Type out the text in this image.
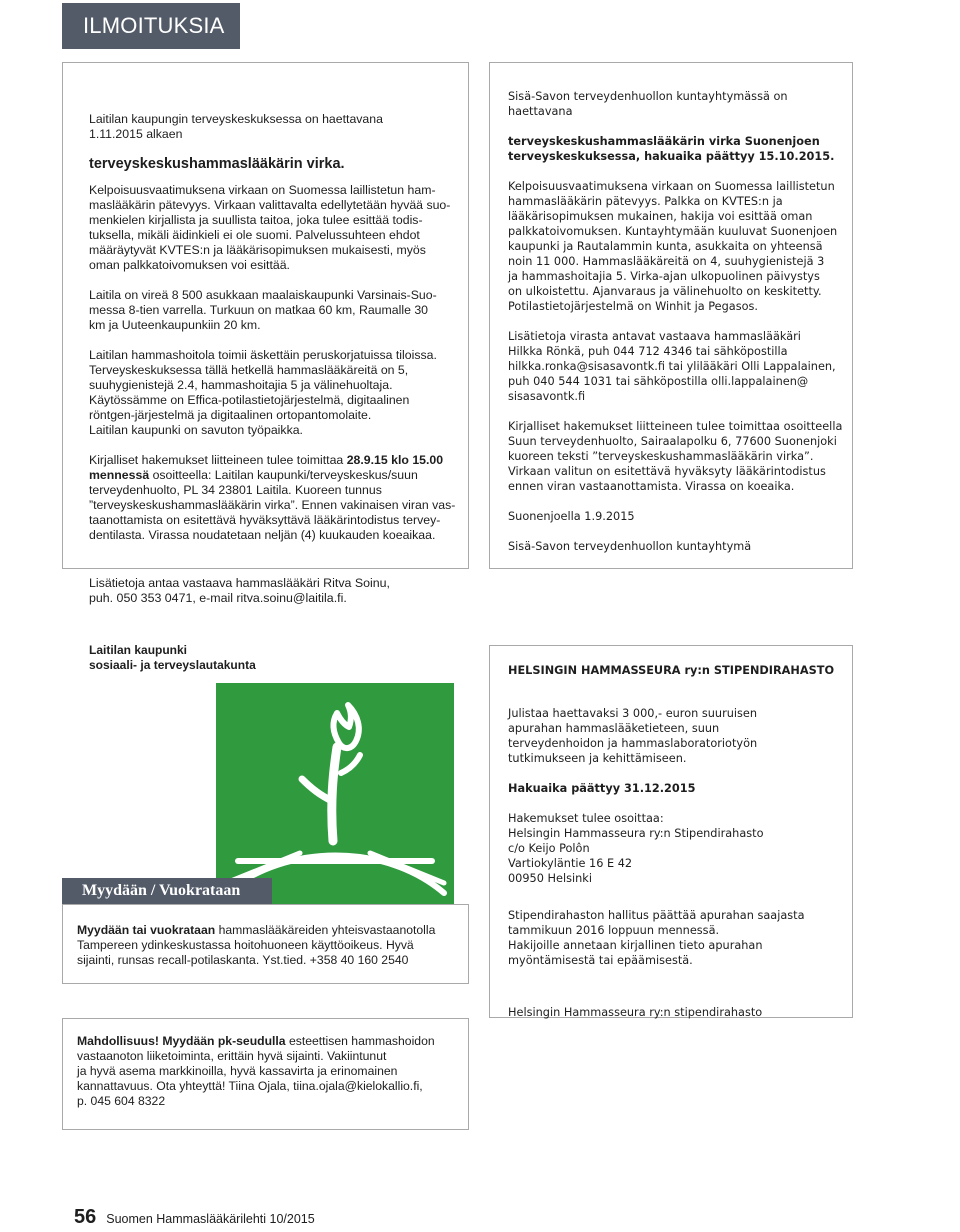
ILMOITUKSIA

Laitilan kaupungin terveyskeskuksessa on haettavana

1.11.2015 alkaen

terveyskeskushammaslääkärin virka.

Kelpoisuusvaatimuksena virkaan on Suomessa laillistetun ham-

maslääkärin pätevyys. Virkaan valittavalta edellytetään hyvää suo-

menkielen kirjallista ja suullista taitoa, joka tulee esittää todis-

tuksella, mikäli äidinkieli ei ole suomi. Palvelussuhteen ehdot

määräytyvät KVTES:n ja lääkärisopimuksen mukaisesti, myös

oman palkkatoivomuksen voi esittää.

Laitila on vireä 8 500 asukkaan maalaiskaupunki Varsinais-Suo-

messa 8-tien varrella. Turkuun on matkaa 60 km, Raumalle 30

km ja Uuteenkaupunkiin 20 km.

Laitilan hammashoitola toimii äskettäin peruskorjatuissa tiloissa.

Terveyskeskuksessa tällä hetkellä hammaslääkäreitä on 5,

suuhygienistejä 2.4, hammashoitajia 5 ja välinehuoltaja.

Käytössämme on Effica-potilastietojärjestelmä, digitaalinen

röntgen-järjestelmä ja digitaalinen ortopantomolaite.

Laitilan kaupunki on savuton työpaikka.

Kirjalliset hakemukset liitteineen tulee toimittaa 28.9.15 klo 15.00

mennessä osoitteella: Laitilan kaupunki/terveyskeskus/suun

terveydenhuolto, PL 34 23801 Laitila. Kuoreen tunnus

”terveyskeskushammaslääkärin virka”. Ennen vakinaisen viran vas-

taanottamista on esitettävä hyväksyttävä lääkärintodistus tervey-

dentilasta. Virassa noudatetaan neljän (4) kuukauden koeaikaa.

Lisätietoja antaa vastaava hammaslääkäri Ritva Soinu,

puh. 050 353 0471, e-mail ritva.soinu@laitila.fi.

Laitilan kaupunki

sosiaali- ja terveyslautakunta

Sisä-Savon terveydenhuollon kuntayhtymässä on haettavana

terveyskeskushammaslääkärin virka Suonenjoen

terveyskeskuksessa, hakuaika päättyy 15.10.2015.

Kelpoisuusvaatimuksena virkaan on Suomessa laillistetun

hammaslääkärin pätevyys. Palkka on KVTES:n ja

lääkärisopimuksen mukainen, hakija voi esittää oman

palkkatoivomuksen. Kuntayhtymään kuuluvat Suonenjoen

kaupunki ja Rautalammin kunta, asukkaita on yhteensä

noin 11 000. Hammaslääkäreitä on 4, suuhygienistejä 3

ja hammashoitajia 5. Virka-ajan ulkopuolinen päivystys

on ulkoistettu. Ajanvaraus ja välinehuolto on keskitetty.

Potilastietojärjestelmä on Winhit ja Pegasos.

Lisätietoja virasta antavat vastaava hammaslääkäri

Hilkka Rönkä, puh 044 712 4346 tai sähköpostilla

hilkka.ronka@sisasavontk.fi tai ylilääkäri Olli Lappalainen,

puh 040 544 1031 tai sähköpostilla olli.lappalainen@

sisasavontk.fi

Kirjalliset hakemukset liitteineen tulee toimittaa osoitteella

Suun terveydenhuolto, Sairaalapolku 6, 77600 Suonenjoki

kuoreen teksti ”terveyskeskushammaslääkärin virka”.

Virkaan valitun on esitettävä hyväksyty lääkärintodistus

ennen viran vastaanottamista. Virassa on koeaika.

Suonenjoella 1.9.2015

Sisä-Savon terveydenhuollon kuntayhtymä

HELSINGIN HAMMASSEURA ry:n STIPENDIRAHASTO

Julistaa haettavaksi 3 000,- euron suuruisen

apurahan hammaslääketieteen, suun

terveydenhoidon ja hammaslaboratoriotyön

tutkimukseen ja kehittämiseen.

Hakuaika päättyy 31.12.2015

Hakemukset tulee osoittaa:

Helsingin Hammasseura ry:n Stipendirahasto

c/o Keijo Polôn

Vartiokyläntie 16 E 42

00950 Helsinki

Stipendirahaston hallitus päättää apurahan saajasta

tammikuun 2016 loppuun mennessä.

Hakijoille annetaan kirjallinen tieto apurahan

myöntämisestä tai epäämisestä.

Helsingin Hammasseura ry:n stipendirahasto
Myydään / Vuokrataan

Myydään tai vuokrataan hammaslääkäreiden yhteisvastaanotolla

Tampereen ydinkeskustassa hoitohuoneen käyttöoikeus. Hyvä

sijainti, runsas recall-potilaskanta. Yst.tied. +358 40 160 2540

Mahdollisuus! Myydään pk-seudulla esteettisen hammashoidon

vastaanoton liiketoiminta, erittäin hyvä sijainti. Vakiintunut

ja hyvä asema markkinoilla, hyvä kassavirta ja erinomainen

kannattavuus. Ota yhteyttä! Tiina Ojala, tiina.ojala@kielokallio.fi,

p. 045 604 8322

56 Suomen Hammaslääkärilehti 10/2015
